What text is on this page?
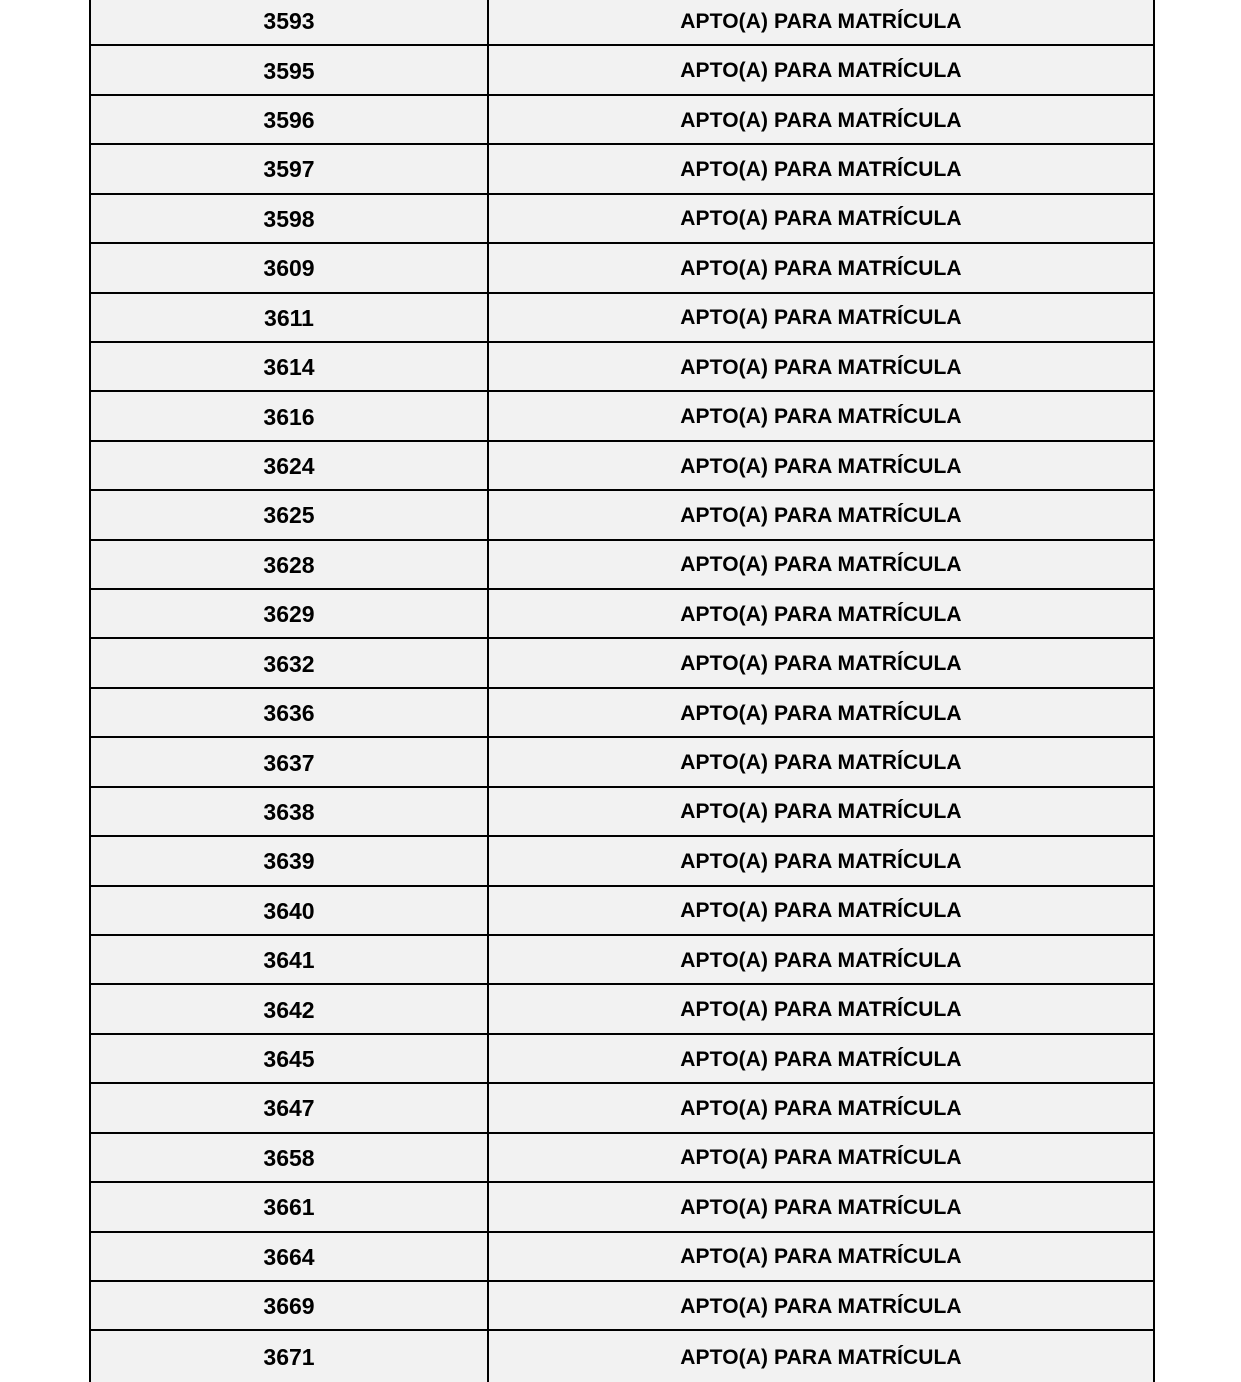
3593	APTO(A) PARA MATRÍCULA
3595	APTO(A) PARA MATRÍCULA
3596	APTO(A) PARA MATRÍCULA
3597	APTO(A) PARA MATRÍCULA
3598	APTO(A) PARA MATRÍCULA
3609	APTO(A) PARA MATRÍCULA
3611	APTO(A) PARA MATRÍCULA
3614	APTO(A) PARA MATRÍCULA
3616	APTO(A) PARA MATRÍCULA
3624	APTO(A) PARA MATRÍCULA
3625	APTO(A) PARA MATRÍCULA
3628	APTO(A) PARA MATRÍCULA
3629	APTO(A) PARA MATRÍCULA
3632	APTO(A) PARA MATRÍCULA
3636	APTO(A) PARA MATRÍCULA
3637	APTO(A) PARA MATRÍCULA
3638	APTO(A) PARA MATRÍCULA
3639	APTO(A) PARA MATRÍCULA
3640	APTO(A) PARA MATRÍCULA
3641	APTO(A) PARA MATRÍCULA
3642	APTO(A) PARA MATRÍCULA
3645	APTO(A) PARA MATRÍCULA
3647	APTO(A) PARA MATRÍCULA
3658	APTO(A) PARA MATRÍCULA
3661	APTO(A) PARA MATRÍCULA
3664	APTO(A) PARA MATRÍCULA
3669	APTO(A) PARA MATRÍCULA
3671	APTO(A) PARA MATRÍCULA
